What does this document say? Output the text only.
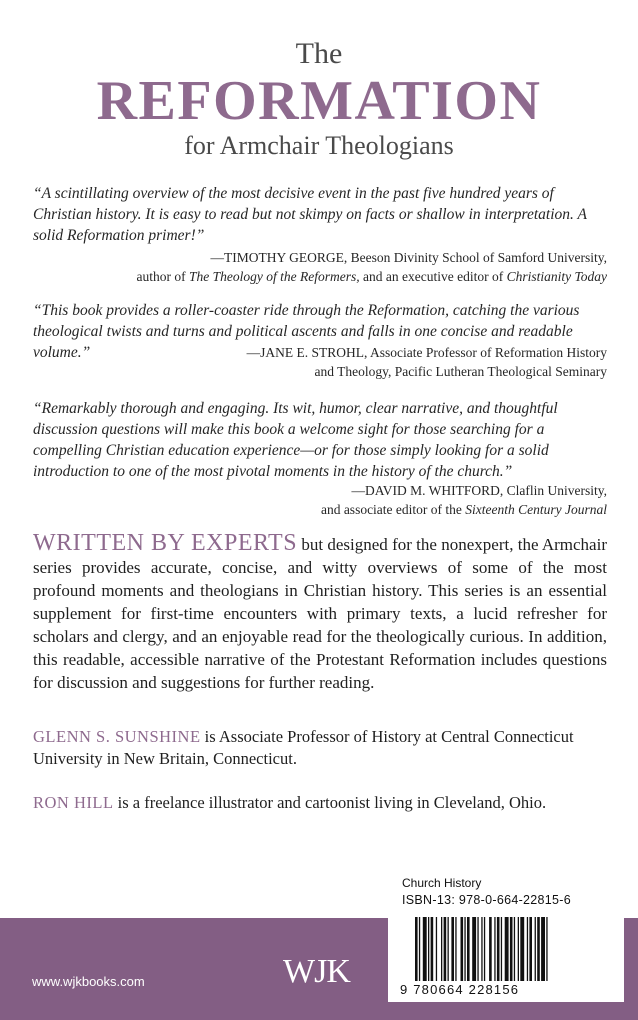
The
REFORMATION
for Armchair Theologians
“A scintillating overview of the most decisive event in the past five hundred years of Christian history. It is easy to read but not skimpy on facts or shallow in interpretation. A solid Reformation primer!”
—TIMOTHY GEORGE, Beeson Divinity School of Samford University,
author of The Theology of the Reformers, and an executive editor of Christianity Today
“This book provides a roller-coaster ride through the Reformation, catching the various theological twists and turns and political ascents and falls in one concise and readable volume.”	—JANE E. STROHL, Associate Professor of Reformation History
and Theology, Pacific Lutheran Theological Seminary
“Remarkably thorough and engaging. Its wit, humor, clear narrative, and thoughtful discussion questions will make this book a welcome sight for those searching for a compelling Christian education experience—or for those simply looking for a solid introduction to one of the most pivotal moments in the history of the church.”
—DAVID M. WHITFORD, Claflin University,
and associate editor of the Sixteenth Century Journal
WRITTEN BY EXPERTS but designed for the nonexpert, the Armchair series provides accurate, concise, and witty overviews of some of the most profound moments and theologians in Christian history. This series is an essential supplement for first-time encounters with primary texts, a lucid refresher for scholars and clergy, and an enjoyable read for the theologically curious. In addition, this readable, accessible narrative of the Protestant Reformation includes questions for discussion and suggestions for further reading.
GLENN S. SUNSHINE is Associate Professor of History at Central Connecticut University in New Britain, Connecticut.
RON HILL is a freelance illustrator and cartoonist living in Cleveland, Ohio.
www.wjkbooks.com	WJK
Church History
ISBN-13: 978-0-664-22815-6
9 780664 228156
